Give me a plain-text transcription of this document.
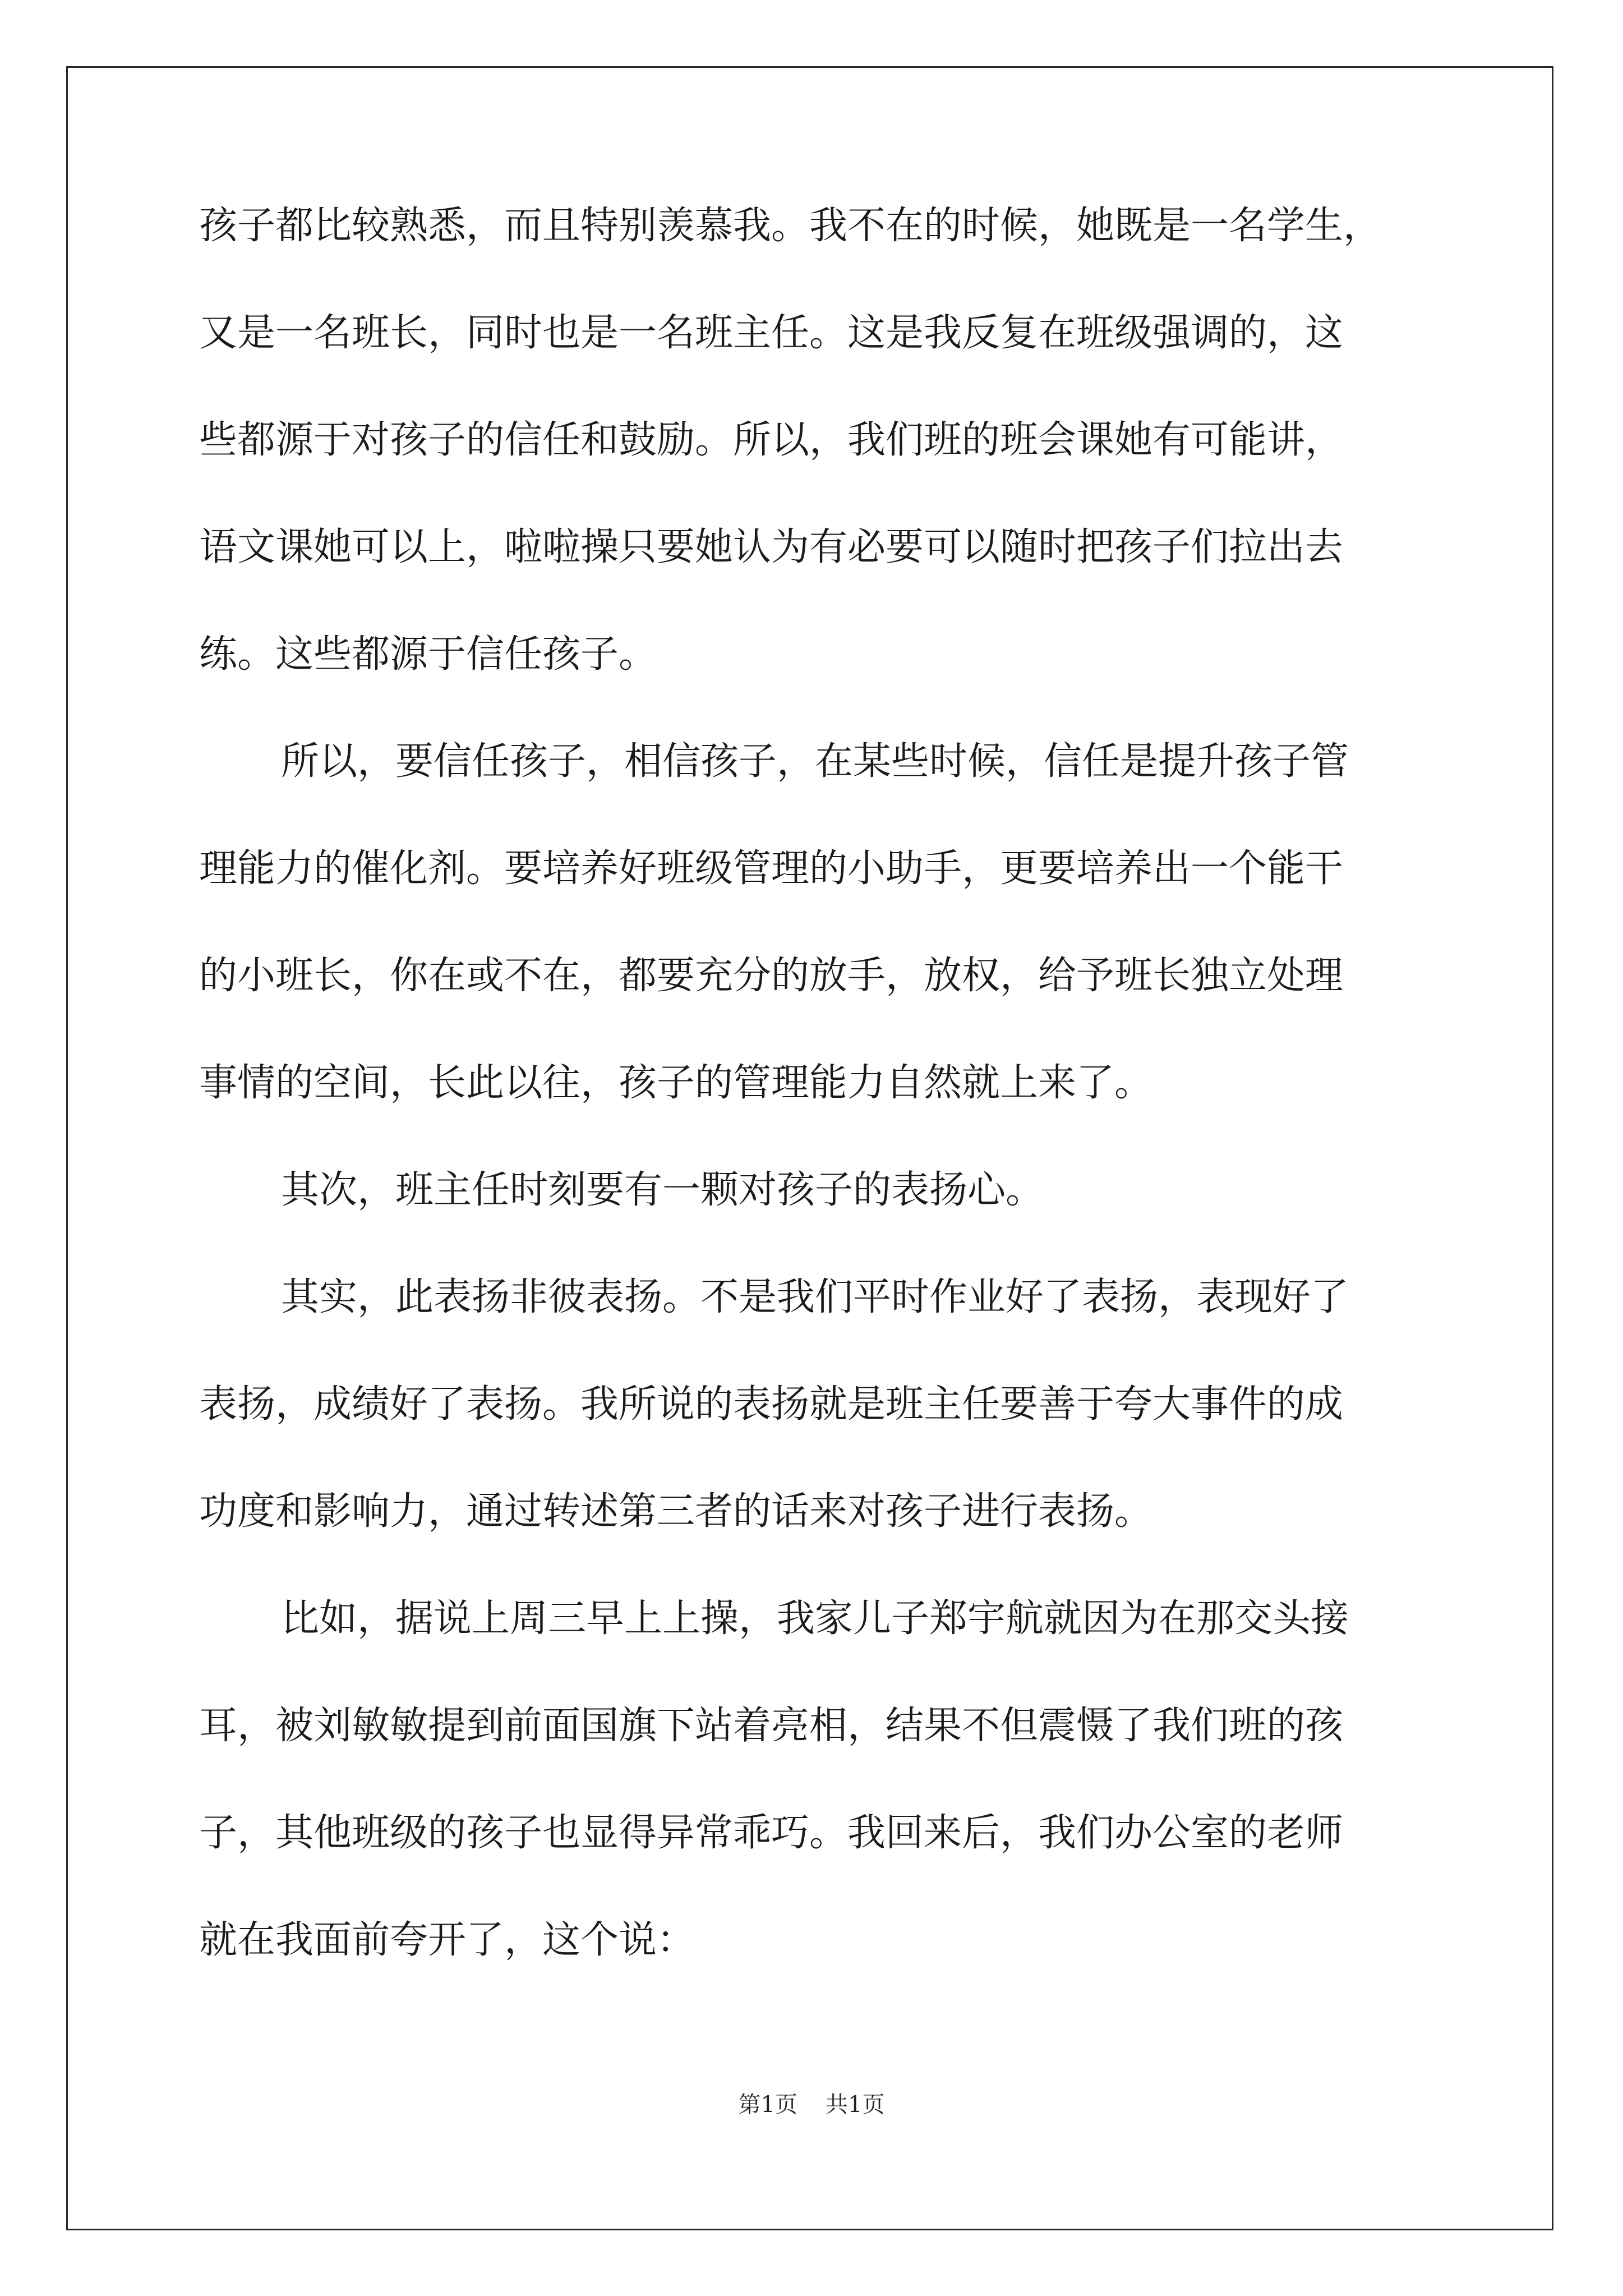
孩子都比较熟悉，而且特别羡慕我。我不在的时候，她既是一名学生，
又是一名班长，同时也是一名班主任。这是我反复在班级强调的，这
些都源于对孩子的信任和鼓励。所以，我们班的班会课她有可能讲，
语文课她可以上，啦啦操只要她认为有必要可以随时把孩子们拉出去
练。这些都源于信任孩子。
所以，要信任孩子，相信孩子，在某些时候，信任是提升孩子管
理能力的催化剂。要培养好班级管理的小助手，更要培养出一个能干
的小班长，你在或不在，都要充分的放手，放权，给予班长独立处理
事情的空间，长此以往，孩子的管理能力自然就上来了。
其次，班主任时刻要有一颗对孩子的表扬心。
其实，此表扬非彼表扬。不是我们平时作业好了表扬，表现好了
表扬，成绩好了表扬。我所说的表扬就是班主任要善于夸大事件的成
功度和影响力，通过转述第三者的话来对孩子进行表扬。
比如，据说上周三早上上操，我家儿子郑宇航就因为在那交头接
耳，被刘敏敏提到前面国旗下站着亮相，结果不但震慑了我们班的孩
子，其他班级的孩子也显得异常乖巧。我回来后，我们办公室的老师
就在我面前夸开了，这个说：
第1页 共1页
